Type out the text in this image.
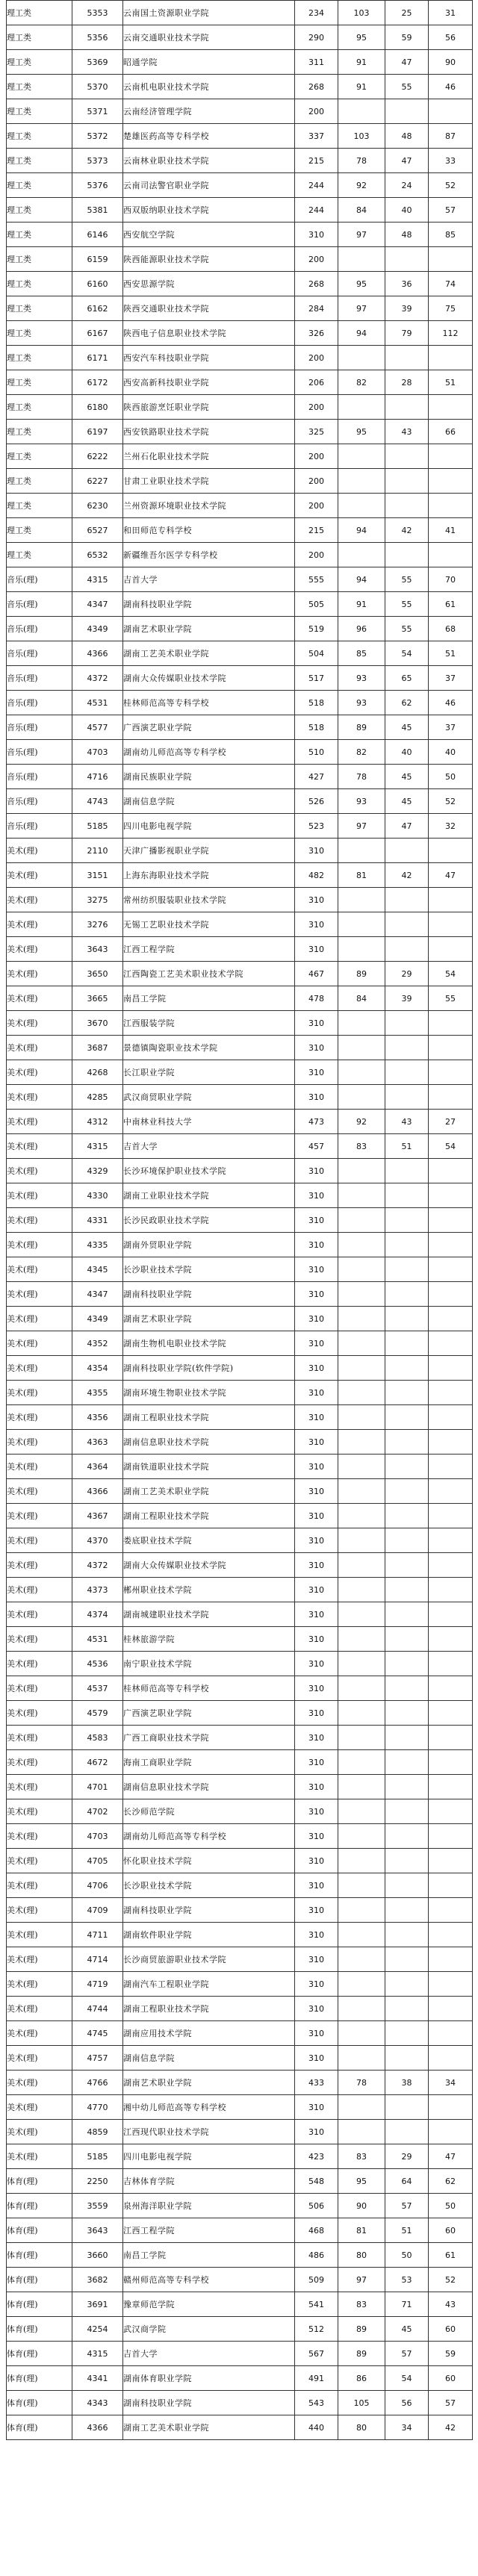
理工类	5353	云南国土资源职业学院	234	103	25	31
理工类	5356	云南交通职业技术学院	290	95	59	56
理工类	5369	昭通学院	311	91	47	90
理工类	5370	云南机电职业技术学院	268	91	55	46
理工类	5371	云南经济管理学院	200			
理工类	5372	楚雄医药高等专科学校	337	103	48	87
理工类	5373	云南林业职业技术学院	215	78	47	33
理工类	5376	云南司法警官职业学院	244	92	24	52
理工类	5381	西双版纳职业技术学院	244	84	40	57
理工类	6146	西安航空学院	310	97	48	85
理工类	6159	陕西能源职业技术学院	200			
理工类	6160	西安思源学院	268	95	36	74
理工类	6162	陕西交通职业技术学院	284	97	39	75
理工类	6167	陕西电子信息职业技术学院	326	94	79	112
理工类	6171	西安汽车科技职业学院	200			
理工类	6172	西安高新科技职业学院	206	82	28	51
理工类	6180	陕西旅游烹饪职业学院	200			
理工类	6197	西安铁路职业技术学院	325	95	43	66
理工类	6222	兰州石化职业技术学院	200			
理工类	6227	甘肃工业职业技术学院	200			
理工类	6230	兰州资源环境职业技术学院	200			
理工类	6527	和田师范专科学校	215	94	42	41
理工类	6532	新疆维吾尔医学专科学校	200			
音乐(理)	4315	吉首大学	555	94	55	70
音乐(理)	4347	湖南科技职业学院	505	91	55	61
音乐(理)	4349	湖南艺术职业学院	519	96	55	68
音乐(理)	4366	湖南工艺美术职业学院	504	85	54	51
音乐(理)	4372	湖南大众传媒职业技术学院	517	93	65	37
音乐(理)	4531	桂林师范高等专科学校	518	93	62	46
音乐(理)	4577	广西演艺职业学院	518	89	45	37
音乐(理)	4703	湖南幼儿师范高等专科学校	510	82	40	40
音乐(理)	4716	湖南民族职业学院	427	78	45	50
音乐(理)	4743	湖南信息学院	526	93	45	52
音乐(理)	5185	四川电影电视学院	523	97	47	32
美术(理)	2110	天津广播影视职业学院	310			
美术(理)	3151	上海东海职业技术学院	482	81	42	47
美术(理)	3275	常州纺织服装职业技术学院	310			
美术(理)	3276	无锡工艺职业技术学院	310			
美术(理)	3643	江西工程学院	310			
美术(理)	3650	江西陶瓷工艺美术职业技术学院	467	89	29	54
美术(理)	3665	南昌工学院	478	84	39	55
美术(理)	3670	江西服装学院	310			
美术(理)	3687	景德镇陶瓷职业技术学院	310			
美术(理)	4268	长江职业学院	310			
美术(理)	4285	武汉商贸职业学院	310			
美术(理)	4312	中南林业科技大学	473	92	43	27
美术(理)	4315	吉首大学	457	83	51	54
美术(理)	4329	长沙环境保护职业技术学院	310			
美术(理)	4330	湖南工业职业技术学院	310			
美术(理)	4331	长沙民政职业技术学院	310			
美术(理)	4335	湖南外贸职业学院	310			
美术(理)	4345	长沙职业技术学院	310			
美术(理)	4347	湖南科技职业学院	310			
美术(理)	4349	湖南艺术职业学院	310			
美术(理)	4352	湖南生物机电职业技术学院	310			
美术(理)	4354	湖南科技职业学院(软件学院)	310			
美术(理)	4355	湖南环境生物职业技术学院	310			
美术(理)	4356	湖南工程职业技术学院	310			
美术(理)	4363	湖南信息职业技术学院	310			
美术(理)	4364	湖南铁道职业技术学院	310			
美术(理)	4366	湖南工艺美术职业学院	310			
美术(理)	4367	湖南工程职业技术学院	310			
美术(理)	4370	娄底职业技术学院	310			
美术(理)	4372	湖南大众传媒职业技术学院	310			
美术(理)	4373	郴州职业技术学院	310			
美术(理)	4374	湖南城建职业技术学院	310			
美术(理)	4531	桂林旅游学院	310			
美术(理)	4536	南宁职业技术学院	310			
美术(理)	4537	桂林师范高等专科学校	310			
美术(理)	4579	广西演艺职业学院	310			
美术(理)	4583	广西工商职业技术学院	310			
美术(理)	4672	海南工商职业学院	310			
美术(理)	4701	湖南信息职业技术学院	310			
美术(理)	4702	长沙师范学院	310			
美术(理)	4703	湖南幼儿师范高等专科学校	310			
美术(理)	4705	怀化职业技术学院	310			
美术(理)	4706	长沙职业技术学院	310			
美术(理)	4709	湖南科技职业学院	310			
美术(理)	4711	湖南软件职业学院	310			
美术(理)	4714	长沙商贸旅游职业技术学院	310			
美术(理)	4719	湖南汽车工程职业学院	310			
美术(理)	4744	湖南工程职业技术学院	310			
美术(理)	4745	湖南应用技术学院	310			
美术(理)	4757	湖南信息学院	310			
美术(理)	4766	湖南艺术职业学院	433	78	38	34
美术(理)	4770	湘中幼儿师范高等专科学校	310			
美术(理)	4859	江西现代职业技术学院	310			
美术(理)	5185	四川电影电视学院	423	83	29	47
体育(理)	2250	吉林体育学院	548	95	64	62
体育(理)	3559	泉州海洋职业学院	506	90	57	50
体育(理)	3643	江西工程学院	468	81	51	60
体育(理)	3660	南昌工学院	486	80	50	61
体育(理)	3682	赣州师范高等专科学校	509	97	53	52
体育(理)	3691	豫章师范学院	541	83	71	43
体育(理)	4254	武汉商学院	512	89	45	60
体育(理)	4315	吉首大学	567	89	57	59
体育(理)	4341	湖南体育职业学院	491	86	54	60
体育(理)	4343	湖南科技职业学院	543	105	56	57
体育(理)	4366	湖南工艺美术职业学院	440	80	34	42
